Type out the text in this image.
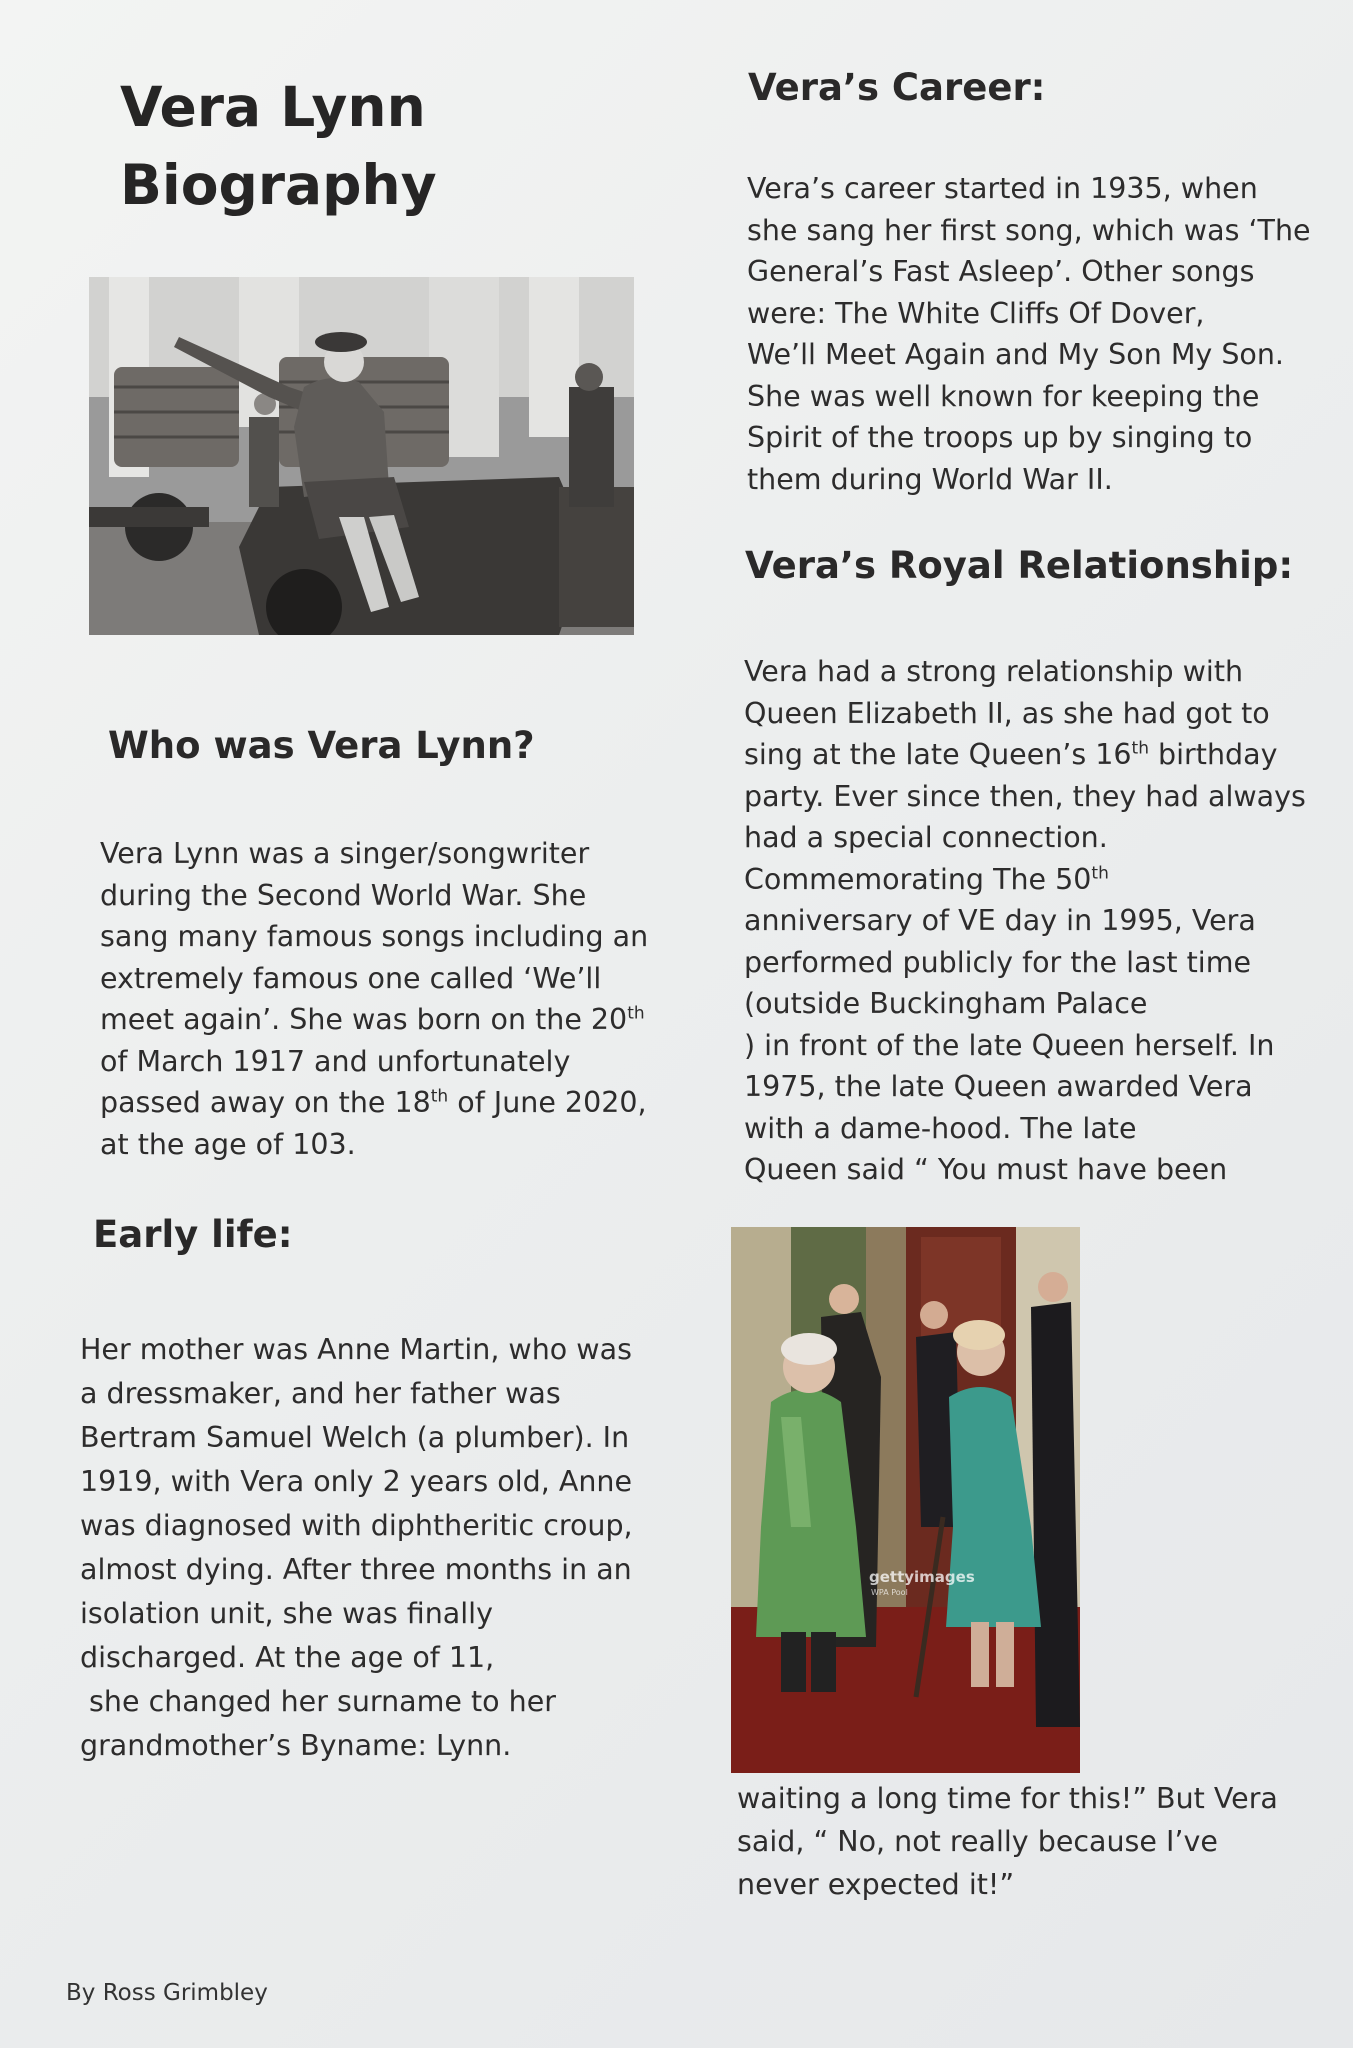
Vera Lynn
Biography
Who was Vera Lynn?
Vera Lynn was a singer/songwriter
during the Second World War. She
sang many famous songs including an
extremely famous one called ‘We’ll
meet again’. She was born on the 20th
of March 1917 and unfortunately
passed away on the 18th of June 2020,
at the age of 103.
Early life:
Her mother was Anne Martin, who was
a dressmaker, and her father was
Bertram Samuel Welch (a plumber). In
1919, with Vera only 2 years old, Anne
was diagnosed with diphtheritic croup,
almost dying. After three months in an
isolation unit, she was finally
discharged. At the age of 11,
she changed her surname to her
grandmother’s Byname: Lynn.
Vera’s Career:
Vera’s career started in 1935, when
she sang her first song, which was ‘The
General’s Fast Asleep’. Other songs
were: The White Cliffs Of Dover,
We’ll Meet Again and My Son My Son.
She was well known for keeping the
Spirit of the troops up by singing to
them during World War II.
Vera’s Royal Relationship:
Vera had a strong relationship with
Queen Elizabeth II, as she had got to
sing at the late Queen’s 16th birthday
party. Ever since then, they had always
had a special connection.
Commemorating The 50th
anniversary of VE day in 1995, Vera
performed publicly for the last time
(outside Buckingham Palace
) in front of the late Queen herself. In
1975, the late Queen awarded Vera
with a dame-hood. The late
Queen said “ You must have been
gettyimages
WPA Pool
waiting a long time for this!” But Vera
said, “ No, not really because I’ve
never expected it!”
By Ross Grimbley
